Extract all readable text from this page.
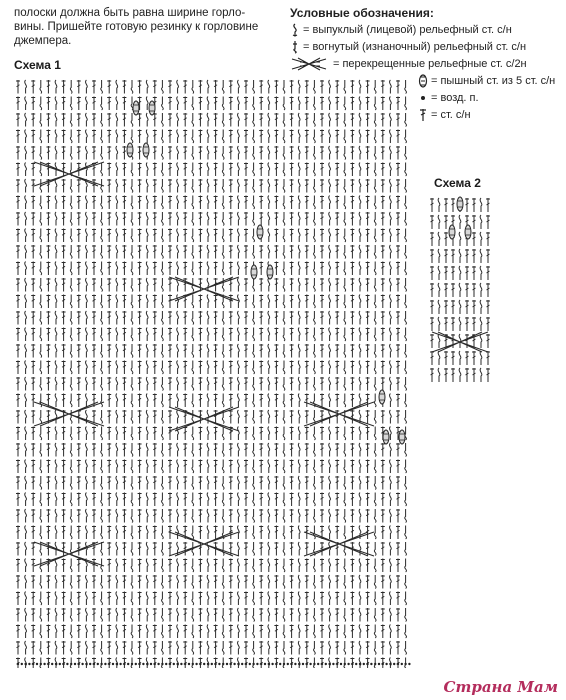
полоски должна быть равна ширине горло-

вины. Пришейте готовую резинку к горловине

джемпера.

Схема 1
Условные обозначения:
= выпуклый (лицевой) рельефный ст. с/н
= вогнутый (изнаночный) рельефный ст. с/н
= перекрещенные рельефные ст. с/2н
= пышный ст. из 5 ст. с/н
= возд. п.
= ст. с/н
Схема 2
Страна Мам
